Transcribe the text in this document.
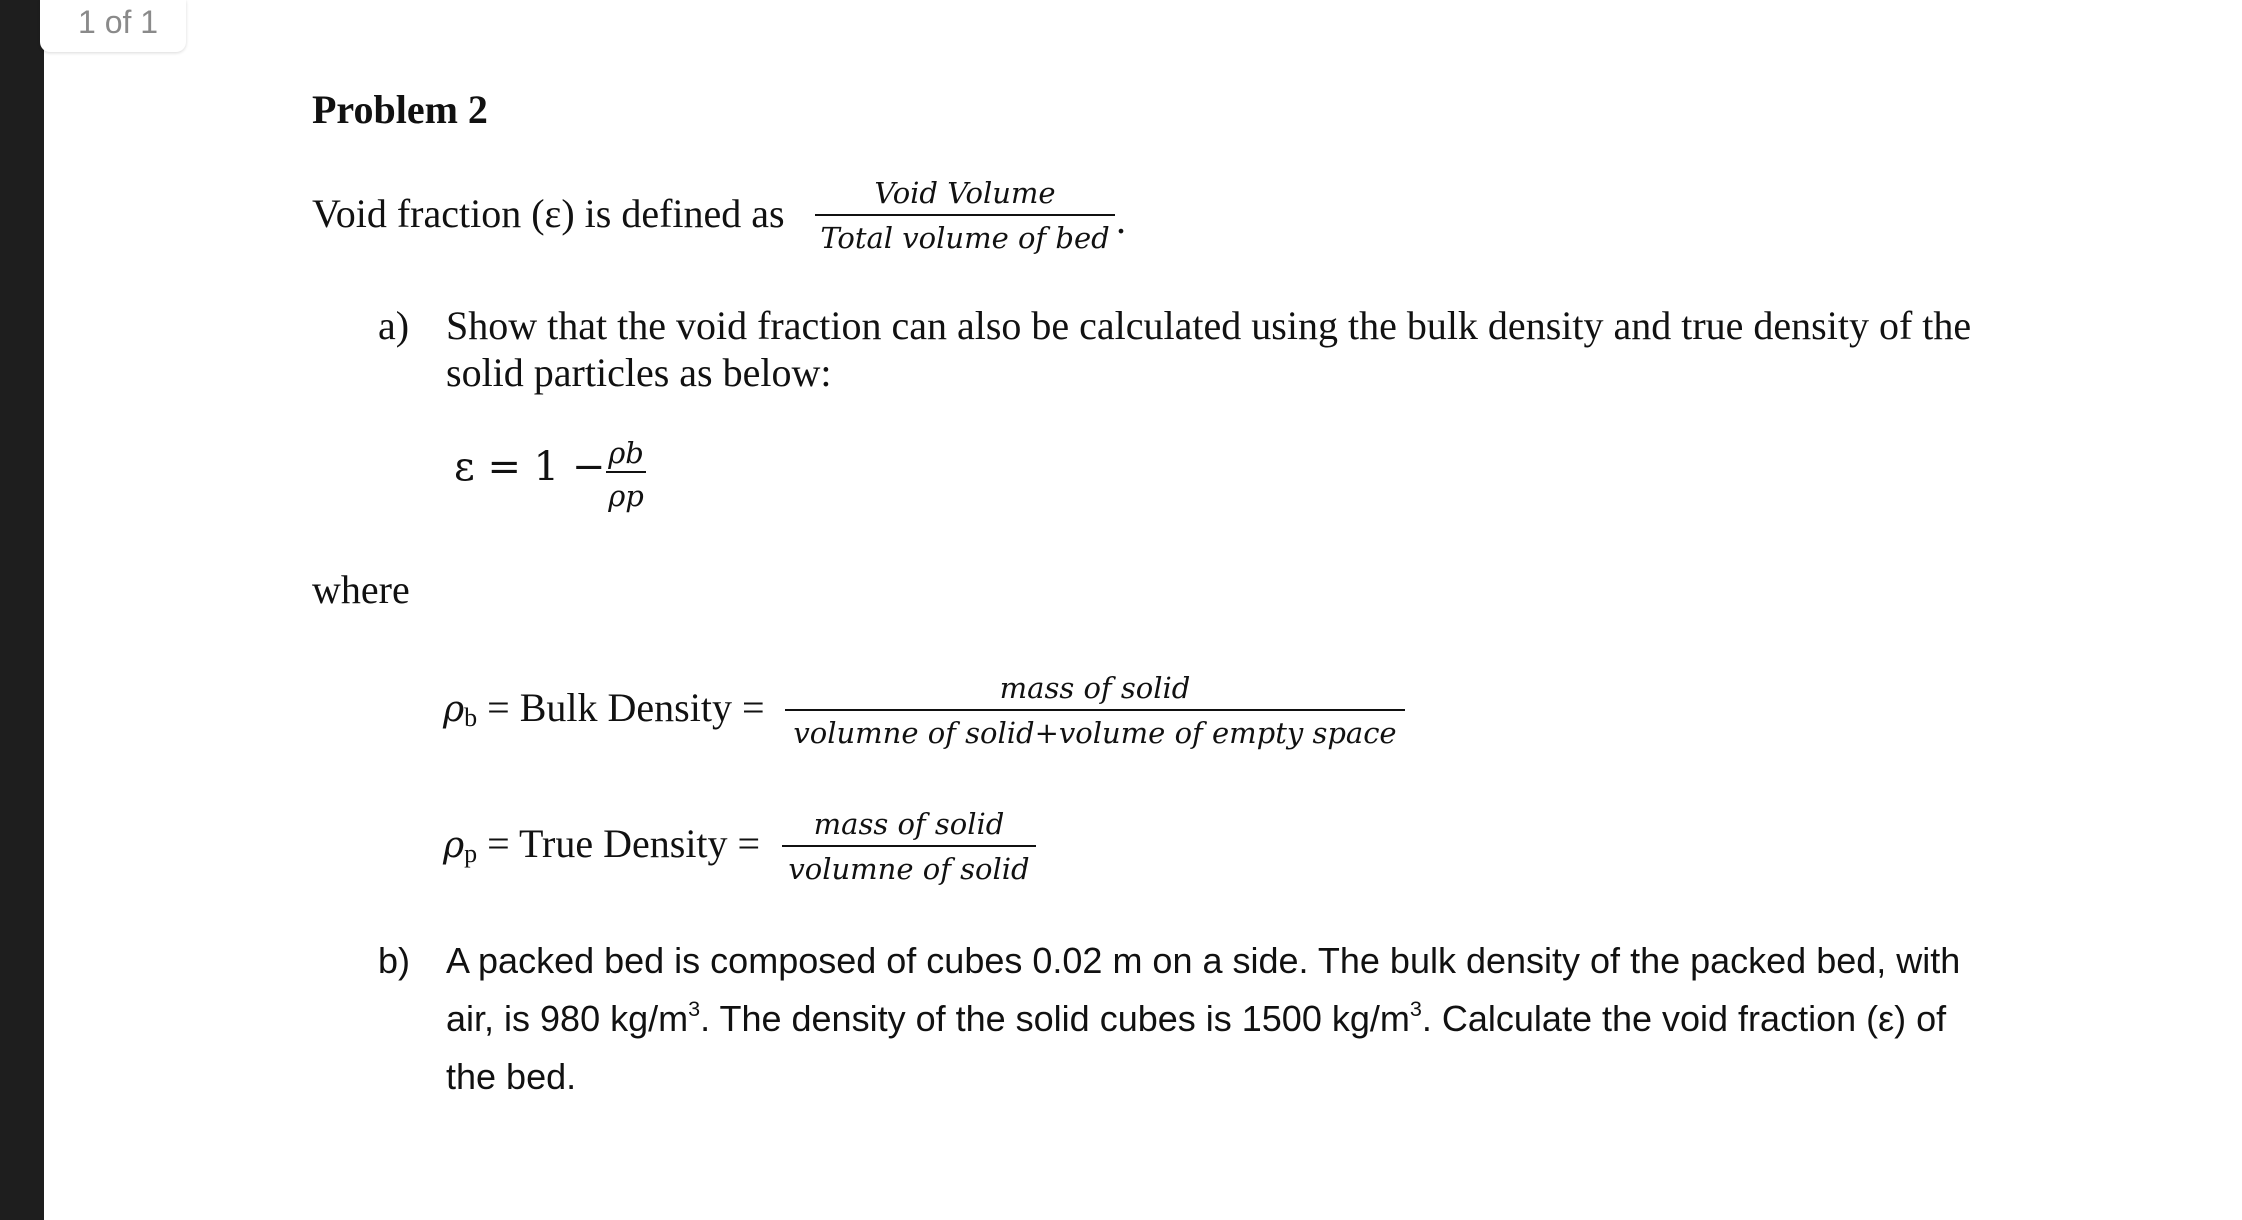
1 of 1
Problem 2
Void fraction (ε) is defined as	Void Volume
Total volume of bed .
a) Show that the void fraction can also be calculated using the bulk density and true density of the
solid particles as below:
ε = 1 − ρb
ρp
where
$\rho_b$ = Bulk Density =	mass of solid
volumne of solid+volume of empty space
$\rho_p$ = True Density =	mass of solid
volumne of solid
b) A packed bed is composed of cubes 0.02 m on a side. The bulk density of the packed bed, with
air, is 980 $kg/m^3$. The density of the solid cubes is 1500 $kg/m^3$. Calculate the void fraction (ε) of
the bed.
